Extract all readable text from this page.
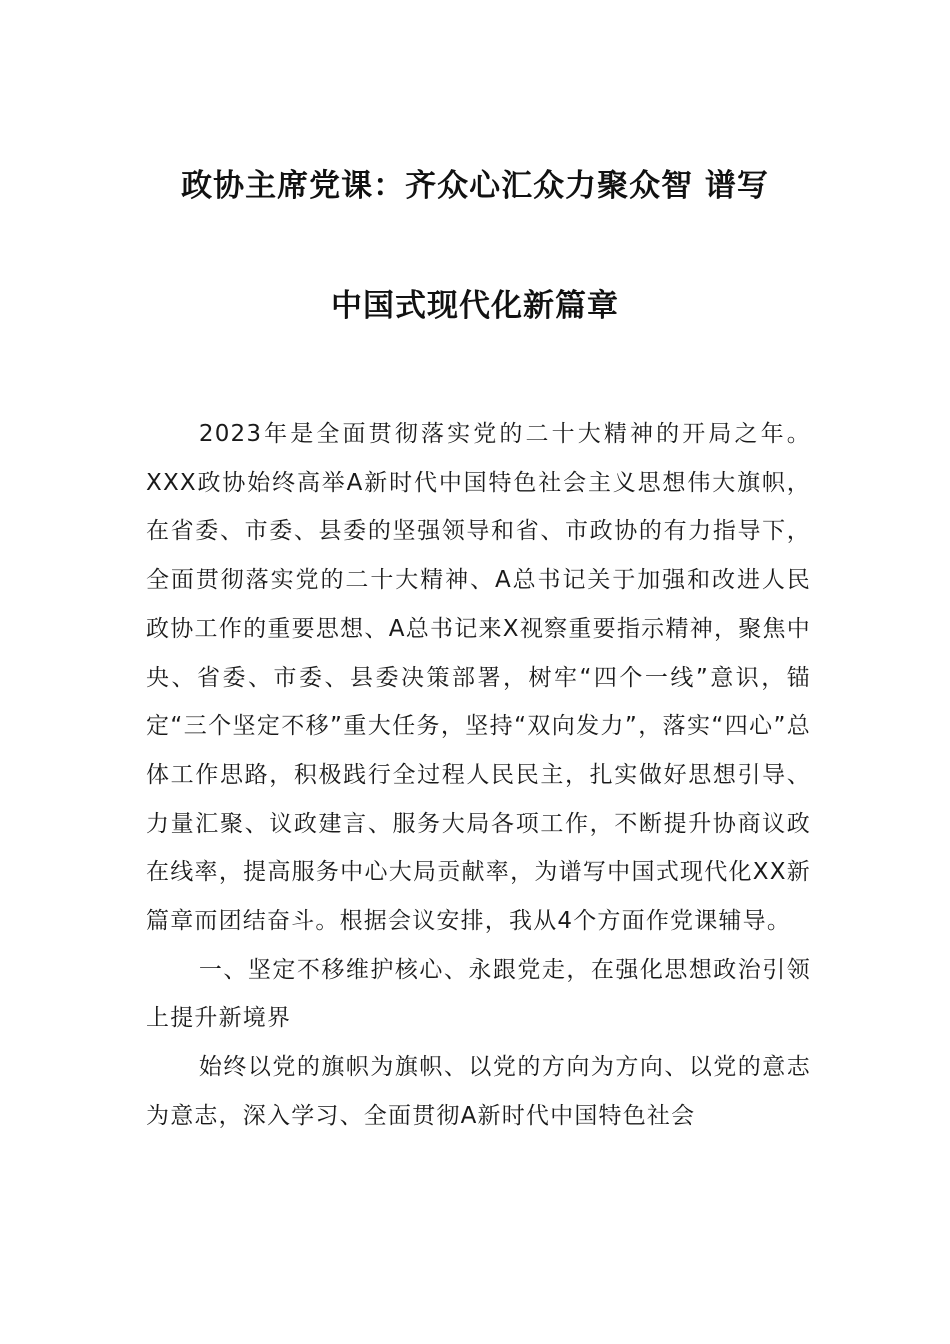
政协主席党课：齐众心汇众力聚众智 谱写
中国式现代化新篇章

2023年是全面贯彻落实党的二十大精神的开局之年。XXX政协始终高举A新时代中国特色社会主义思想伟大旗帜，在省委、市委、县委的坚强领导和省、市政协的有力指导下，全面贯彻落实党的二十大精神、A总书记关于加强和改进人民政协工作的重要思想、A总书记来X视察重要指示精神，聚焦中央、省委、市委、县委决策部署，树牢“四个一线”意识，锚定“三个坚定不移”重大任务，坚持“双向发力”，落实“四心”总体工作思路，积极践行全过程人民民主，扎实做好思想引导、力量汇聚、议政建言、服务大局各项工作，不断提升协商议政在线率，提高服务中心大局贡献率，为谱写中国式现代化XX新篇章而团结奋斗。根据会议安排，我从4个方面作党课辅导。

一、坚定不移维护核心、永跟党走，在强化思想政治引领上提升新境界

始终以党的旗帜为旗帜、以党的方向为方向、以党的意志为意志，深入学习、全面贯彻A新时代中国特色社会
